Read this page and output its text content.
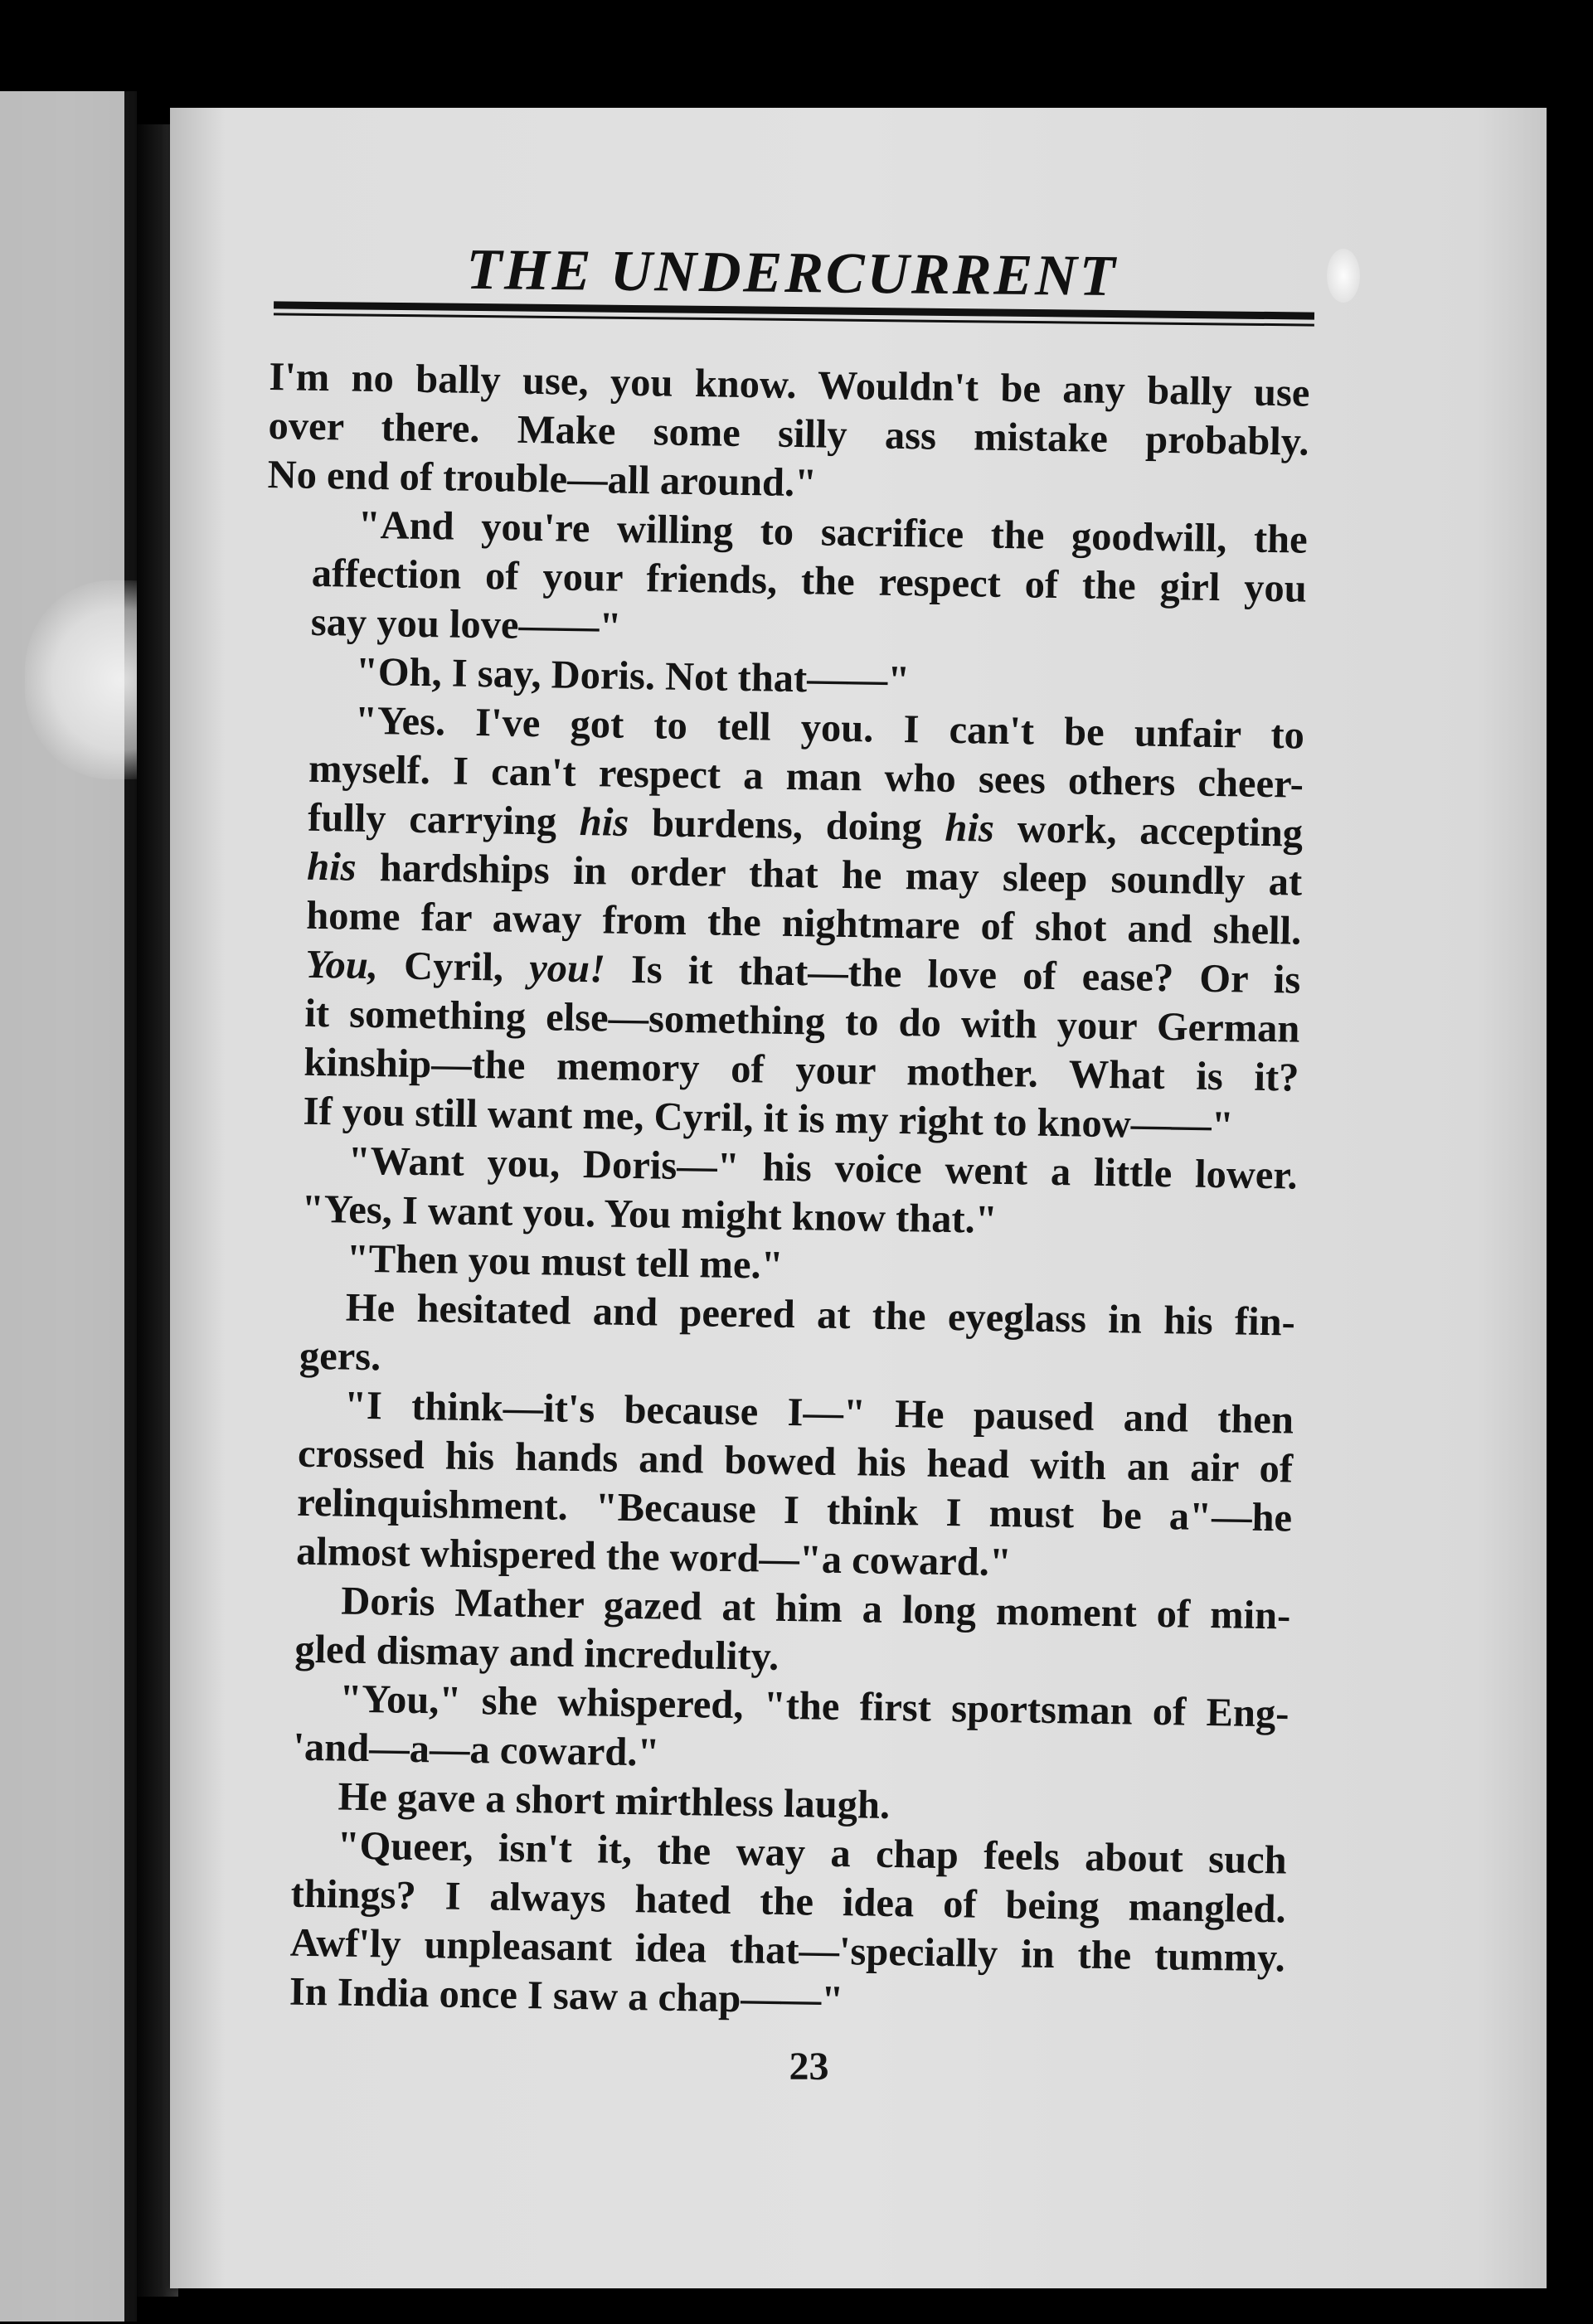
THE UNDERCURRENT
I'm no bally use, you know. Wouldn't be any bally use
over there. Make some silly ass mistake probably.
No end of trouble—all around."
"And you're willing to sacrifice the goodwill, the
affection of your friends, the respect of the girl you
say you love——"
"Oh, I say, Doris. Not that——"
"Yes. I've got to tell you. I can't be unfair to
myself. I can't respect a man who sees others cheer-
fully carrying his burdens, doing his work, accepting
his hardships in order that he may sleep soundly at
home far away from the nightmare of shot and shell.
You, Cyril, you! Is it that—the love of ease? Or is
it something else—something to do with your German
kinship—the memory of your mother. What is it?
If you still want me, Cyril, it is my right to know——"
"Want you, Doris—" his voice went a little lower.
"Yes, I want you. You might know that."
"Then you must tell me."
He hesitated and peered at the eyeglass in his fin-
gers.
"I think—it's because I—" He paused and then
crossed his hands and bowed his head with an air of
relinquishment. "Because I think I must be a"—he
almost whispered the word—"a coward."
Doris Mather gazed at him a long moment of min-
gled dismay and incredulity.
"You," she whispered, "the first sportsman of Eng-
'and—a—a coward."
He gave a short mirthless laugh.
"Queer, isn't it, the way a chap feels about such
things? I always hated the idea of being mangled.
Awf'ly unpleasant idea that—'specially in the tummy.
In India once I saw a chap——"
23
